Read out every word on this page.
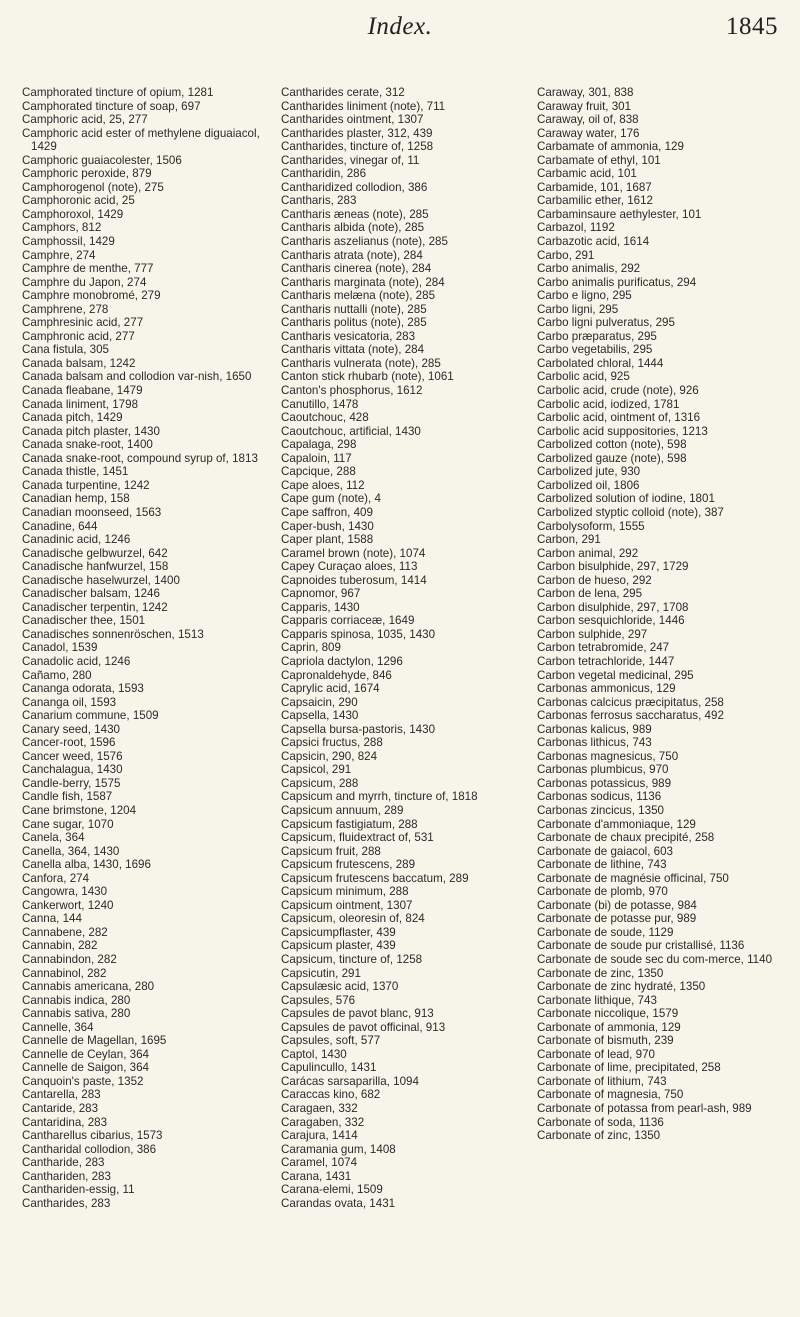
Index.	1845
Camphorated tincture of opium, 1281
Camphorated tincture of soap, 697
Camphoric acid, 25, 277
Camphoric acid ester of methylene diguaiacol, 1429
Camphoric guaiacolester, 1506
Camphoric peroxide, 879
Camphorogenol (note), 275
Camphoronic acid, 25
Camphoroxol, 1429
Camphors, 812
Camphossil, 1429
Camphre, 274
Camphre de menthe, 777
Camphre du Japon, 274
Camphre monobromé, 279
Camphrene, 278
Camphresinic acid, 277
Camphronic acid, 277
Cana fistula, 305
Canada balsam, 1242
Canada balsam and collodion var-nish, 1650
Canada fleabane, 1479
Canada liniment, 1798
Canada pitch, 1429
Canada pitch plaster, 1430
Canada snake-root, 1400
Canada snake-root, compound syrup of, 1813
Canada thistle, 1451
Canada turpentine, 1242
Canadian hemp, 158
Canadian moonseed, 1563
Canadine, 644
Canadinic acid, 1246
Canadische gelbwurzel, 642
Canadische hanfwurzel, 158
Canadische haselwurzel, 1400
Canadischer balsam, 1246
Canadischer terpentin, 1242
Canadischer thee, 1501
Canadisches sonnenröschen, 1513
Canadol, 1539
Canadolic acid, 1246
Cañamo, 280
Cananga odorata, 1593
Cananga oil, 1593
Canarium commune, 1509
Canary seed, 1430
Cancer-root, 1596
Cancer weed, 1576
Canchalagua, 1430
Candle-berry, 1575
Candle fish, 1587
Cane brimstone, 1204
Cane sugar, 1070
Canela, 364
Canella, 364, 1430
Canella alba, 1430, 1696
Canfora, 274
Cangowra, 1430
Cankerwort, 1240
Canna, 144
Cannabene, 282
Cannabin, 282
Cannabindon, 282
Cannabinol, 282
Cannabis americana, 280
Cannabis indica, 280
Cannabis sativa, 280
Cannelle, 364
Cannelle de Magellan, 1695
Cannelle de Ceylan, 364
Cannelle de Saigon, 364
Canquoin's paste, 1352
Cantarella, 283
Cantaride, 283
Cantaridina, 283
Cantharellus cibarius, 1573
Cantharidal collodion, 386
Cantharide, 283
Canthariden, 283
Canthariden-essig, 11
Cantharides, 283
Cantharides cerate, 312
Cantharides liniment (note), 711
Cantharides ointment, 1307
Cantharides plaster, 312, 439
Cantharides, tincture of, 1258
Cantharides, vinegar of, 11
Cantharidin, 286
Cantharidized collodion, 386
Cantharis, 283
Cantharis æneas (note), 285
Cantharis albida (note), 285
Cantharis aszelianus (note), 285
Cantharis atrata (note), 284
Cantharis cinerea (note), 284
Cantharis marginata (note), 284
Cantharis melæna (note), 285
Cantharis nuttalli (note), 285
Cantharis politus (note), 285
Cantharis vesicatoria, 283
Cantharis vittata (note), 284
Cantharis vulnerata (note), 285
Canton stick rhubarb (note), 1061
Canton's phosphorus, 1612
Canutillo, 1478
Caoutchouc, 428
Caoutchouc, artificial, 1430
Capalaga, 298
Capaloin, 117
Capcique, 288
Cape aloes, 112
Cape gum (note), 4
Cape saffron, 409
Caper-bush, 1430
Caper plant, 1588
Caramel brown (note), 1074
Capey Curaçao aloes, 113
Capnoides tuberosum, 1414
Capnomor, 967
Capparis, 1430
Capparis corriaceæ, 1649
Capparis spinosa, 1035, 1430
Caprin, 809
Capriola dactylon, 1296
Capronaldehyde, 846
Caprylic acid, 1674
Capsaicin, 290
Capsella, 1430
Capsella bursa-pastoris, 1430
Capsici fructus, 288
Capsicin, 290, 824
Capsicol, 291
Capsicum, 288
Capsicum and myrrh, tincture of, 1818
Capsicum annuum, 289
Capsicum fastigiatum, 288
Capsicum, fluidextract of, 531
Capsicum fruit, 288
Capsicum frutescens, 289
Capsicum frutescens baccatum, 289
Capsicum minimum, 288
Capsicum ointment, 1307
Capsicum, oleoresin of, 824
Capsicumpflaster, 439
Capsicum plaster, 439
Capsicum, tincture of, 1258
Capsicutin, 291
Capsulæsic acid, 1370
Capsules, 576
Capsules de pavot blanc, 913
Capsules de pavot officinal, 913
Capsules, soft, 577
Captol, 1430
Capulincullo, 1431
Carácas sarsaparilla, 1094
Caraccas kino, 682
Caragaen, 332
Caragaben, 332
Carajura, 1414
Caramania gum, 1408
Caramel, 1074
Carana, 1431
Carana-elemi, 1509
Carandas ovata, 1431
Caraway, 301, 838
Caraway fruit, 301
Caraway, oil of, 838
Caraway water, 176
Carbamate of ammonia, 129
Carbamate of ethyl, 101
Carbamic acid, 101
Carbamide, 101, 1687
Carbamilic ether, 1612
Carbaminsaure aethylester, 101
Carbazol, 1192
Carbazotic acid, 1614
Carbo, 291
Carbo animalis, 292
Carbo animalis purificatus, 294
Carbo e ligno, 295
Carbo ligni, 295
Carbo ligni pulveratus, 295
Carbo præparatus, 295
Carbo vegetabilis, 295
Carbolated chloral, 1444
Carbolic acid, 925
Carbolic acid, crude (note), 926
Carbolic acid, iodized, 1781
Carbolic acid, ointment of, 1316
Carbolic acid suppositories, 1213
Carbolized cotton (note), 598
Carbolized gauze (note), 598
Carbolized jute, 930
Carbolized oil, 1806
Carbolized solution of iodine, 1801
Carbolized styptic colloid (note), 387
Carbolysoform, 1555
Carbon, 291
Carbon animal, 292
Carbon bisulphide, 297, 1729
Carbon de hueso, 292
Carbon de lena, 295
Carbon disulphide, 297, 1708
Carbon sesquichloride, 1446
Carbon sulphide, 297
Carbon tetrabromide, 247
Carbon tetrachloride, 1447
Carbon vegetal medicinal, 295
Carbonas ammonicus, 129
Carbonas calcicus præcipitatus, 258
Carbonas ferrosus saccharatus, 492
Carbonas kalicus, 989
Carbonas lithicus, 743
Carbonas magnesicus, 750
Carbonas plumbicus, 970
Carbonas potassicus, 989
Carbonas sodicus, 1136
Carbonas zincicus, 1350
Carbonate d'ammoniaque, 129
Carbonate de chaux precipité, 258
Carbonate de gaiacol, 603
Carbonate de lithine, 743
Carbonate de magnésie officinal, 750
Carbonate de plomb, 970
Carbonate (bi) de potasse, 984
Carbonate de potasse pur, 989
Carbonate de soude, 1129
Carbonate de soude pur cristallisé, 1136
Carbonate de soude sec du com-merce, 1140
Carbonate de zinc, 1350
Carbonate de zinc hydraté, 1350
Carbonate lithique, 743
Carbonate niccolique, 1579
Carbonate of ammonia, 129
Carbonate of bismuth, 239
Carbonate of lead, 970
Carbonate of lime, precipitated, 258
Carbonate of lithium, 743
Carbonate of magnesia, 750
Carbonate of potassa from pearl-ash, 989
Carbonate of soda, 1136
Carbonate of zinc, 1350
